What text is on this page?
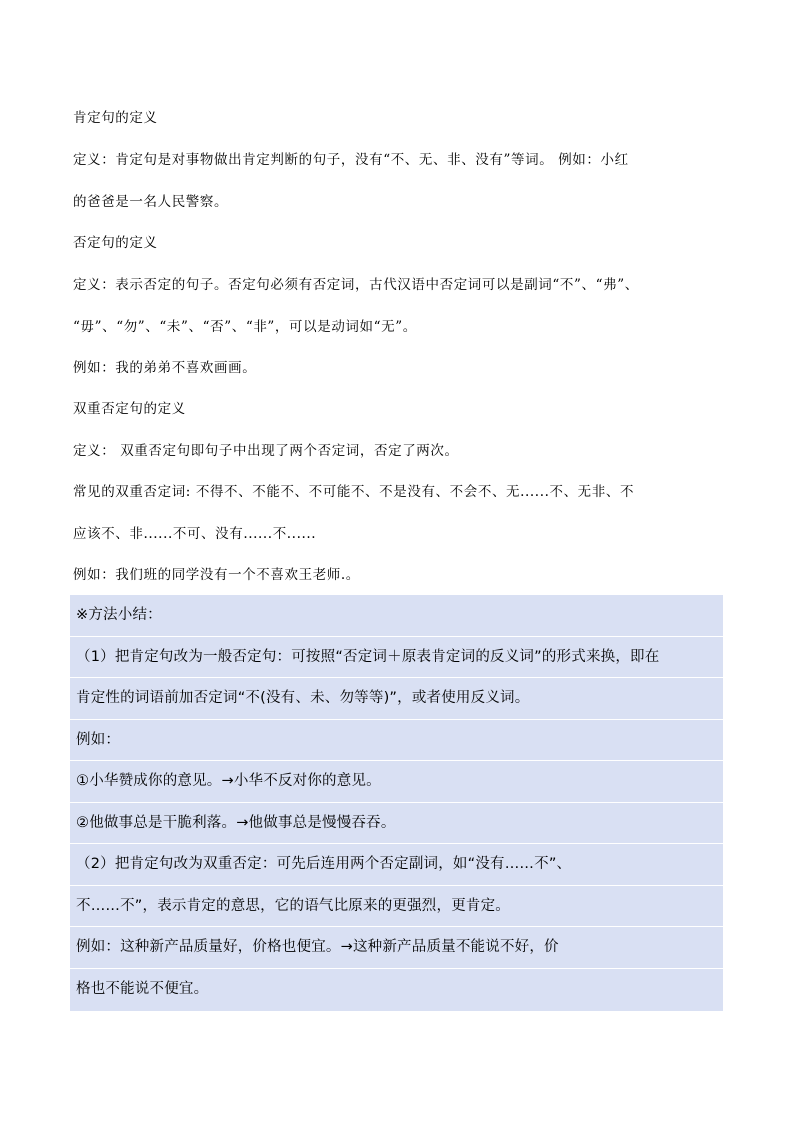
肯定句的定义
定义：肯定句是对事物做出肯定判断的句子，没有“不、无、非、没有”等词。 例如：小红
的爸爸是一名人民警察。
否定句的定义
定义：表示否定的句子。否定句必须有否定词，古代汉语中否定词可以是副词“不”、“弗”、
“毋”、“勿”、“未”、“否”、“非”，可以是动词如“无”。
例如：我的弟弟不喜欢画画。
双重否定句的定义
定义： 双重否定句即句子中出现了两个否定词，否定了两次。
常见的双重否定词: 不得不、不能不、不可能不、不是没有、不会不、无......不、无非、不
应该不、非......不可、没有......不......
例如：我们班的同学没有一个不喜欢王老师.。
※方法小结：
（1）把肯定句改为一般否定句：可按照“否定词＋原表肯定词的反义词”的形式来换，即在
肯定性的词语前加否定词“不(没有、未、勿等等)”，或者使用反义词。
例如：
①小华赞成你的意见。→小华不反对你的意见。
②他做事总是干脆利落。→他做事总是慢慢吞吞。
（2）把肯定句改为双重否定：可先后连用两个否定副词，如“没有……不”、
不……不”，表示肯定的意思，它的语气比原来的更强烈，更肯定。
例如：这种新产品质量好，价格也便宜。→这种新产品质量不能说不好，价
格也不能说不便宜。
